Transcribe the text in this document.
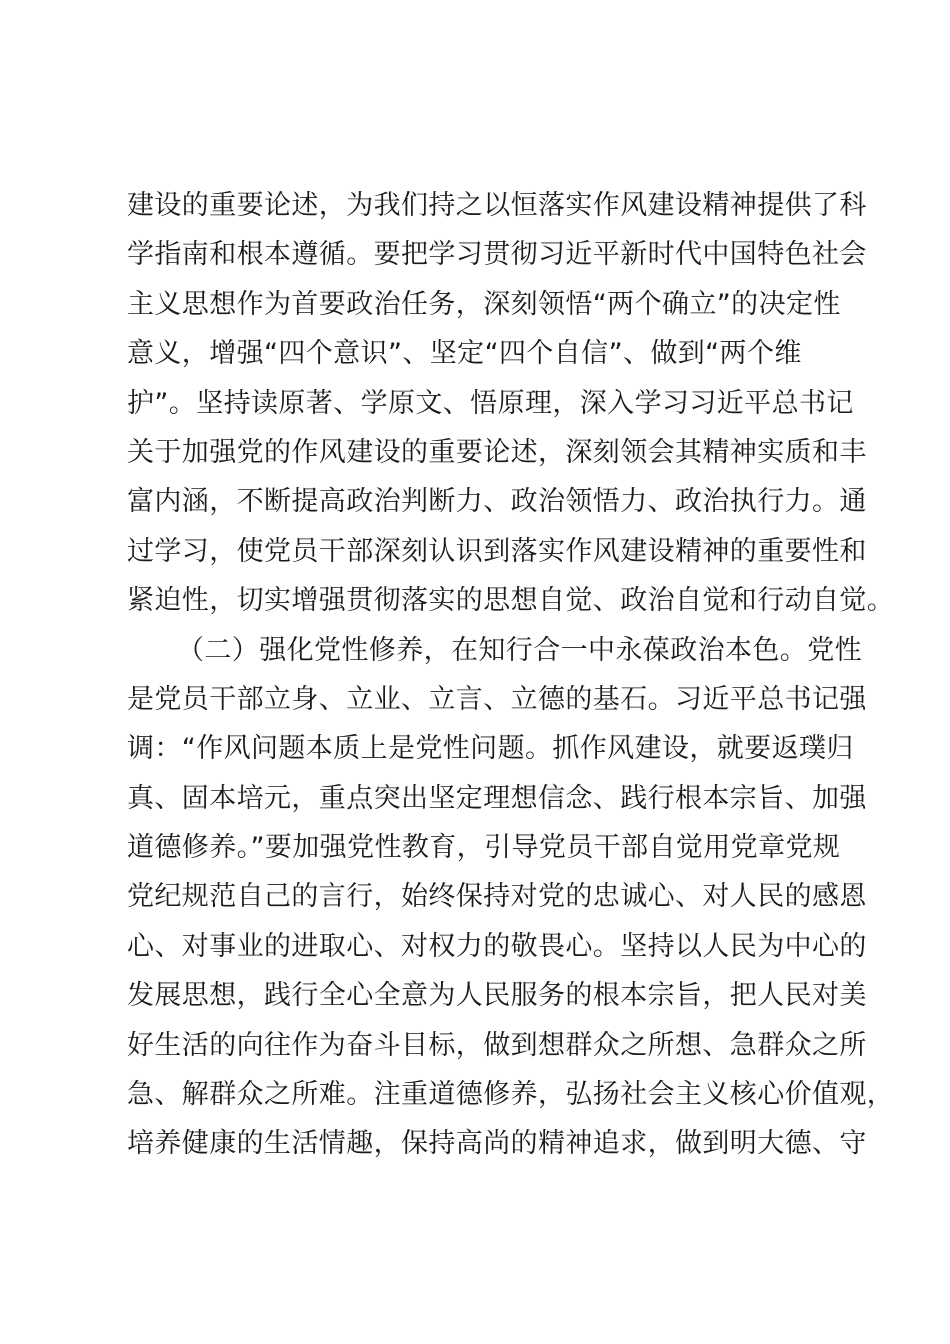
建设的重要论述，为我们持之以恒落实作风建设精神提供了科
学指南和根本遵循。要把学习贯彻习近平新时代中国特色社会
主义思想作为首要政治任务，深刻领悟“两个确立”的决定性
意义，增强“四个意识”、坚定“四个自信”、做到“两个维
护”。坚持读原著、学原文、悟原理，深入学习习近平总书记
关于加强党的作风建设的重要论述，深刻领会其精神实质和丰
富内涵，不断提高政治判断力、政治领悟力、政治执行力。通
过学习，使党员干部深刻认识到落实作风建设精神的重要性和
紧迫性，切实增强贯彻落实的思想自觉、政治自觉和行动自觉。
（二）强化党性修养，在知行合一中永葆政治本色。党性
是党员干部立身、立业、立言、立德的基石。习近平总书记强
调：“作风问题本质上是党性问题。抓作风建设，就要返璞归
真、固本培元，重点突出坚定理想信念、践行根本宗旨、加强
道德修养。”要加强党性教育，引导党员干部自觉用党章党规
党纪规范自己的言行，始终保持对党的忠诚心、对人民的感恩
心、对事业的进取心、对权力的敬畏心。坚持以人民为中心的
发展思想，践行全心全意为人民服务的根本宗旨，把人民对美
好生活的向往作为奋斗目标，做到想群众之所想、急群众之所
急、解群众之所难。注重道德修养，弘扬社会主义核心价值观，
培养健康的生活情趣，保持高尚的精神追求，做到明大德、守
